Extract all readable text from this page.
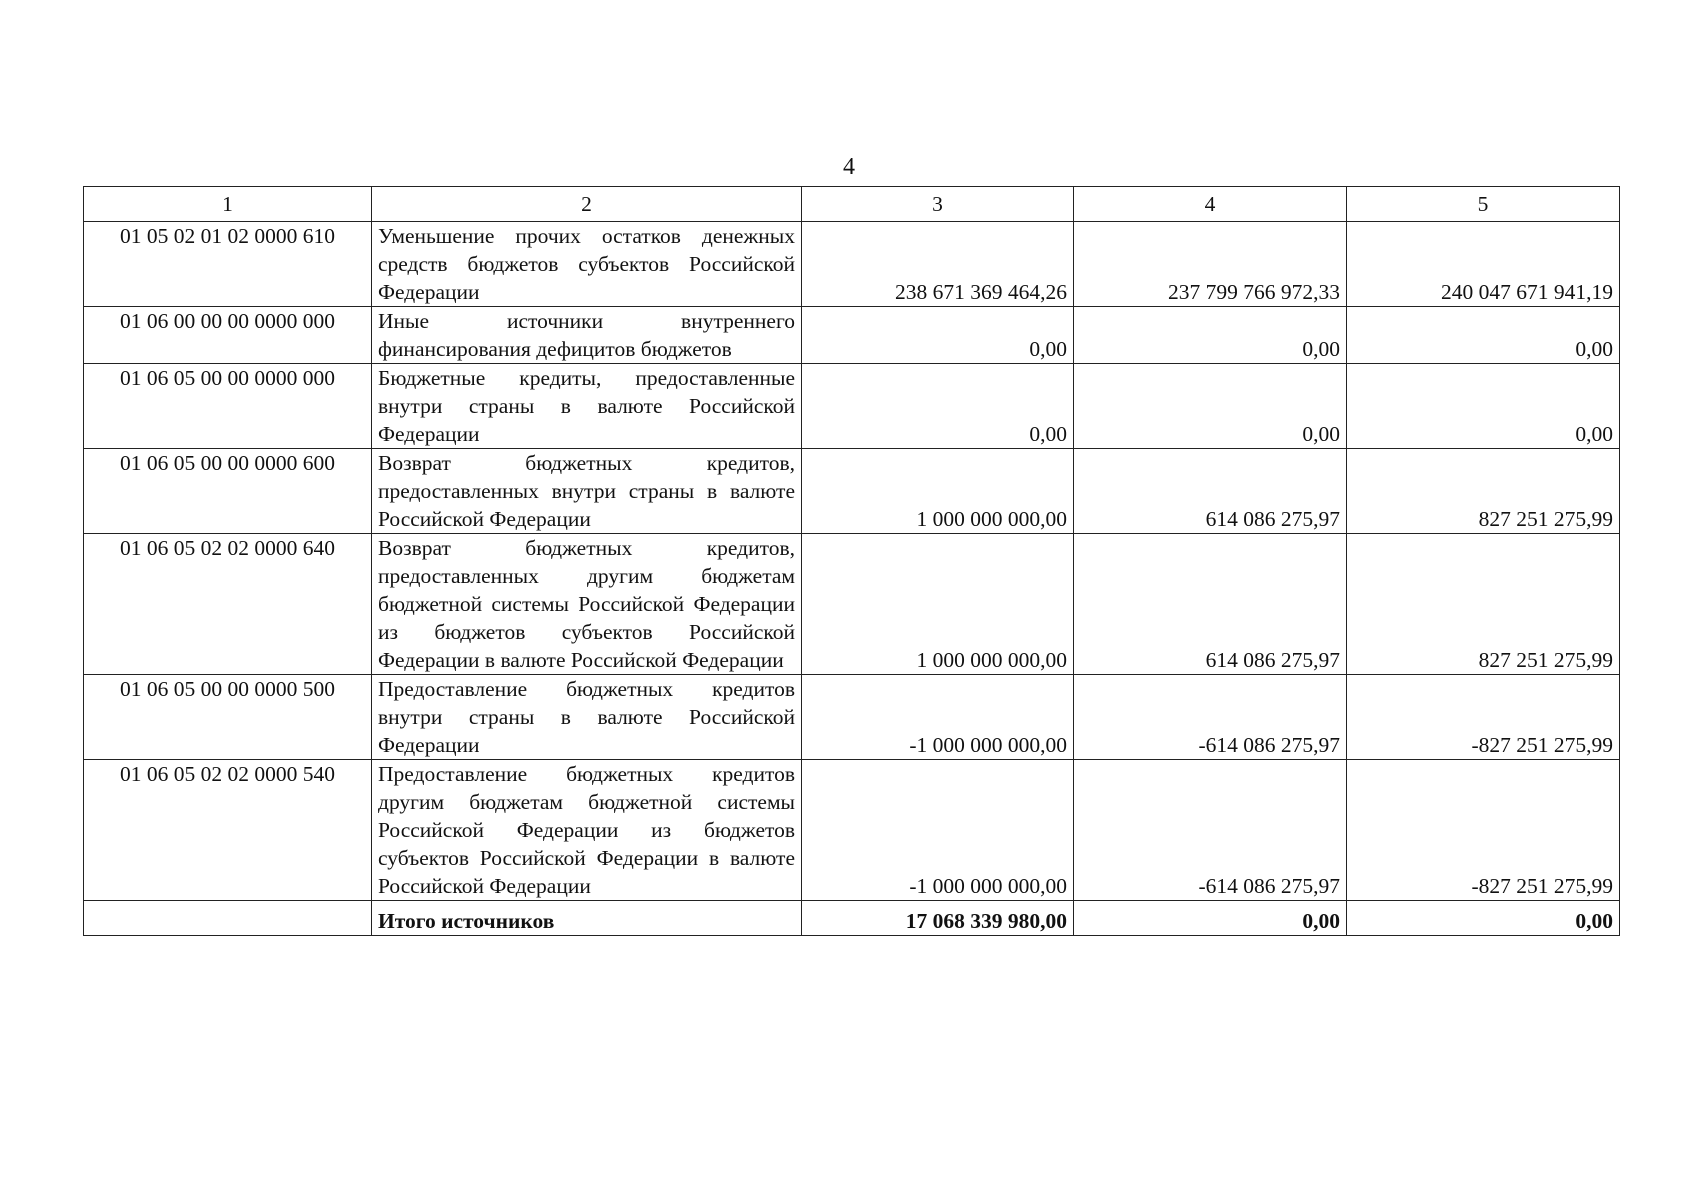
4
1	2	3	4	5
01 05 02 01 02 0000 610	Уменьшение прочих остатков денежных средств бюджетов субъектов Российской Федерации	238 671 369 464,26	237 799 766 972,33	240 047 671 941,19
01 06 00 00 00 0000 000	Иные источники внутреннего финансирования дефицитов бюджетов	0,00	0,00	0,00
01 06 05 00 00 0000 000	Бюджетные кредиты, предоставленные внутри страны в валюте Российской Федерации	0,00	0,00	0,00
01 06 05 00 00 0000 600	Возврат бюджетных кредитов, предоставленных внутри страны в валюте Российской Федерации	1 000 000 000,00	614 086 275,97	827 251 275,99
01 06 05 02 02 0000 640	Возврат бюджетных кредитов, предоставленных другим бюджетам бюджетной системы Российской Федерации из бюджетов субъектов Российской Федерации в валюте Российской Федерации	1 000 000 000,00	614 086 275,97	827 251 275,99
01 06 05 00 00 0000 500	Предоставление бюджетных кредитов внутри страны в валюте Российской Федерации	-1 000 000 000,00	-614 086 275,97	-827 251 275,99
01 06 05 02 02 0000 540	Предоставление бюджетных кредитов другим бюджетам бюджетной системы Российской Федерации из бюджетов субъектов Российской Федерации в валюте Российской Федерации	-1 000 000 000,00	-614 086 275,97	-827 251 275,99
	Итого источников	17 068 339 980,00	0,00	0,00
